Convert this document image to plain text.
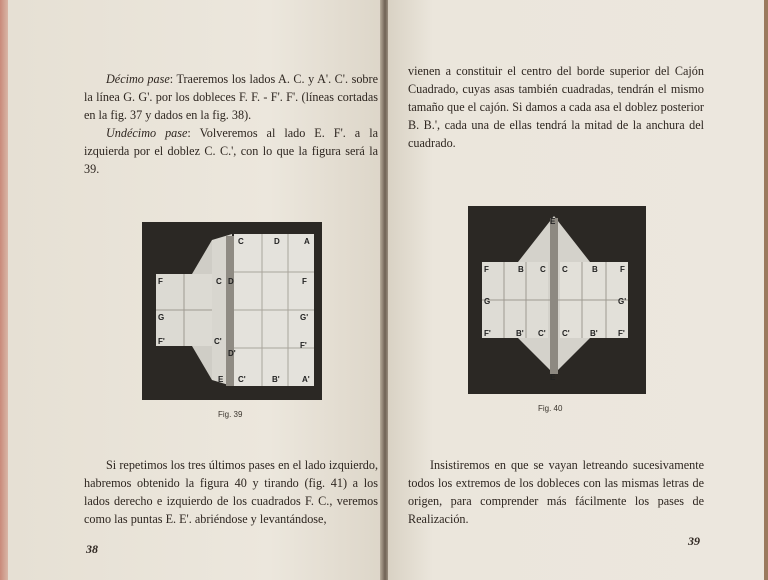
Décimo pase: Traeremos los lados A. C. y A'. C'. sobre la línea G. G'. por los dobleces F. F. - F'. F'. (líneas cortadas en la fig. 37 y dados en la fig. 38).

Undécimo pase: Volveremos al lado E. F'. a la izquierda por el doblez C. C.', con lo que la figura será la 39.

C	D	A
F
F	C D
G	G'
F'	C'
D'
F'
E C'	B'	A'
Fig. 39

Si repetimos los tres últimos pases en el lado izquierdo, habremos obtenido la figura 40 y tirando (fig. 41) a los lados derecho e izquierdo de los cuadrados F. C., veremos como las puntas E. E'. abriéndose y levantándose,

38

vienen a constituir el centro del borde superior del Cajón Cuadrado, cuyas asas también cuadradas, tendrán el mismo tamaño que el cajón. Si damos a cada asa el doblez posterior B. B.', cada una de ellas tendrá la mitad de la anchura del cuadrado.

E
F	B C C	B	F
G	G'
F'	B' C' C'	B'	F'
E
Fig. 40

Insistiremos en que se vayan letreando sucesivamente todos los extremos de los dobleces con las mismas letras de origen, para comprender más fácilmente los pases de Realización.

39
